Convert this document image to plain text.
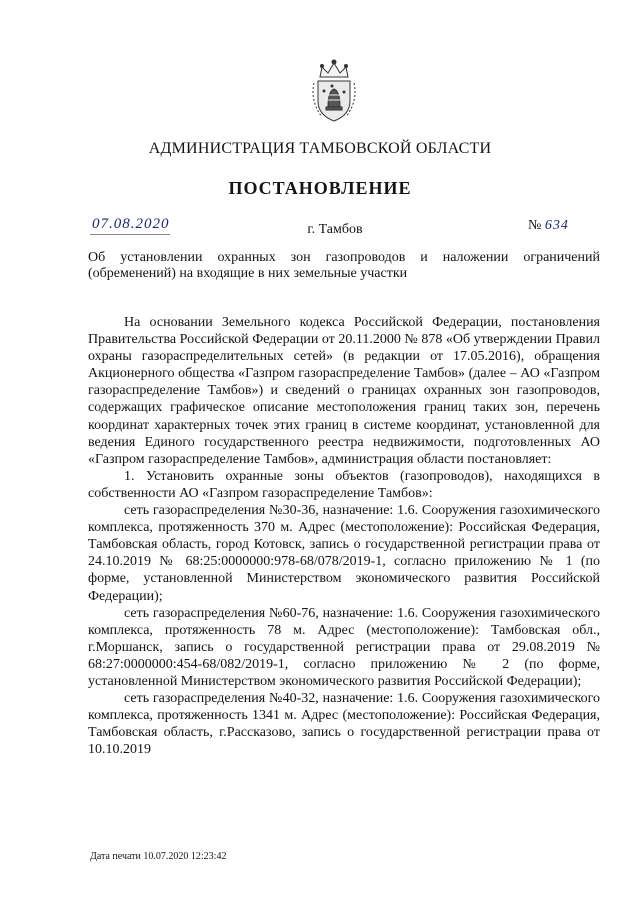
АДМИНИСТРАЦИЯ ТАМБОВСКОЙ ОБЛАСТИ
ПОСТАНОВЛЕНИЕ
07.08.2020	г. Тамбов	№ 634
Об установлении охранных зон газопроводов и наложении ограничений (обременений) на входящие в них земельные участки

На основании Земельного кодекса Российской Федерации, постановления Правительства Российской Федерации от 20.11.2000 № 878 «Об утверждении Правил охраны газораспределительных сетей» (в редакции от 17.05.2016), обращения Акционерного общества «Газпром газораспределение Тамбов» (далее – АО «Газпром газораспределение Тамбов») и сведений о границах охранных зон газопроводов, содержащих графическое описание местоположения границ таких зон, перечень координат характерных точек этих границ в системе координат, установленной для ведения Единого государственного реестра недвижимости, подготовленных АО «Газпром газораспределение Тамбов», администрация области постановляет:

1. Установить охранные зоны объектов (газопроводов), находящихся в собственности АО «Газпром газораспределение Тамбов»:

сеть газораспределения №30-36, назначение: 1.6. Сооружения газохимического комплекса, протяженность 370 м. Адрес (местоположение): Российская Федерация, Тамбовская область, город Котовск, запись о государственной регистрации права от 24.10.2019 № 68:25:0000000:978-68/078/2019-1, согласно приложению № 1 (по форме, установленной Министерством экономического развития Российской Федерации);

сеть газораспределения №60-76, назначение: 1.6. Сооружения газохимического комплекса, протяженность 78 м. Адрес (местоположение): Тамбовская обл., г.Моршанск, запись о государственной регистрации права от 29.08.2019 № 68:27:0000000:454-68/082/2019-1, согласно приложению № 2 (по форме, установленной Министерством экономического развития Российской Федерации);

сеть газораспределения №40-32, назначение: 1.6. Сооружения газохимического комплекса, протяженность 1341 м. Адрес (местоположение): Российская Федерация, Тамбовская область, г.Рассказово, запись о государственной регистрации права от 10.10.2019

Дата печати 10.07.2020 12:23:42
